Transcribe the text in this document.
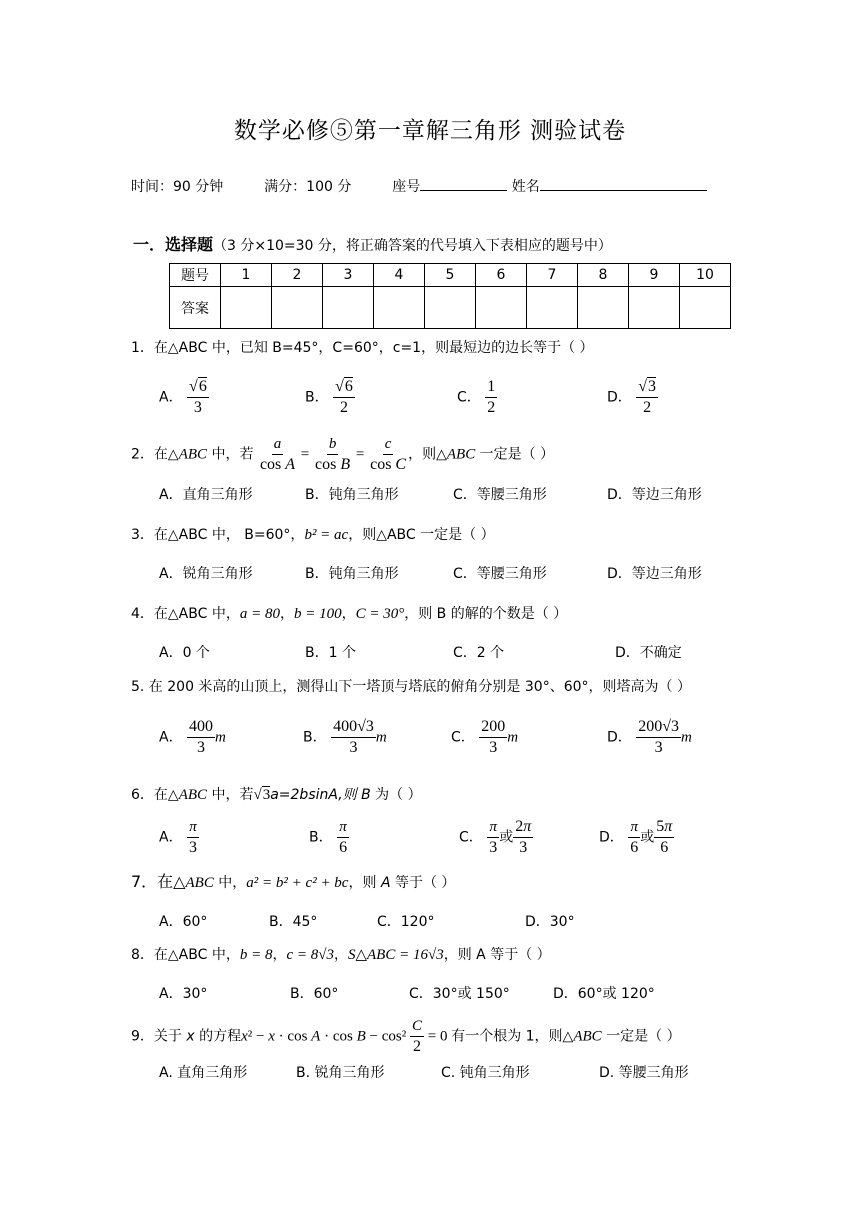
数学必修⑤第一章解三角形 测验试卷
时间：90 分钟	满分：100 分	座号	姓名
一．选择题（3 分×10=30 分，将正确答案的代号填入下表相应的题号中）
题号	1	2	3	4	5	6	7	8	9	10
答案										
1．在△ABC 中，已知 B=45°，C=60°，c=1，则最短边的边长等于（ ）
A． $\frac{√6}{3}$	B． $\frac{√6}{2}$	C． $\frac{1}{2}$	D． $\frac{√3}{2}$
2．在△ABC 中，若 $\frac{a}{\text{cos A}} = \frac{b}{\text{cos B}} = \frac{c}{\text{cos C}}$ ，则△ABC 一定是（ ）
A．直角三角形	B．钝角三角形	C．等腰三角形	D．等边三角形
3．在△ABC 中， B=60°，b² = ac，则△ABC 一定是（ ）
A．锐角三角形	B．钝角三角形	C．等腰三角形	D．等边三角形
4．在△ABC 中，a = 80，b = 100，C = 30°，则 B 的解的个数是（ ）
A．0 个	B．1 个	C．2 个	D．不确定
5. 在 200 米高的山顶上，测得山下一塔顶与塔底的俯角分别是 30°、60°，则塔高为（ ）
A． $\frac{400}{3}$ m	B． $\frac{400√3}{3}$ m	C． $\frac{200}{3}$ m	D． $\frac{200√3}{3}$ m
6．在△ABC 中，若√3a=2bsinA,则 B 为（ ）
A． $\frac{\pi}{3}$	B． $\frac{\pi}{6}$	C． $\frac{\pi}{3}$ 或 $\frac{2\pi}{3}$	D． $\frac{\pi}{6}$ 或 $\frac{5\pi}{6}$
7．在△ABC 中，a² = b² + c² + bc，则 A 等于（ ）
A．60°	B．45°	C．120°	D．30°
8．在△ABC 中，b = 8，c = 8√3，S△ABC = 16√3，则 A 等于（ ）
A．30°	B．60°	C．30°或 150°	D．60°或 120°
9．关于 x 的方程$x^2 - x \cdot \cos A \cdot \cos B - \cos^2 \frac{C}{2} = 0$ 有一个根为 1，则△ABC 一定是（ ）
A. 直角三角形	B. 锐角三角形	C. 钝角三角形	D. 等腰三角形
